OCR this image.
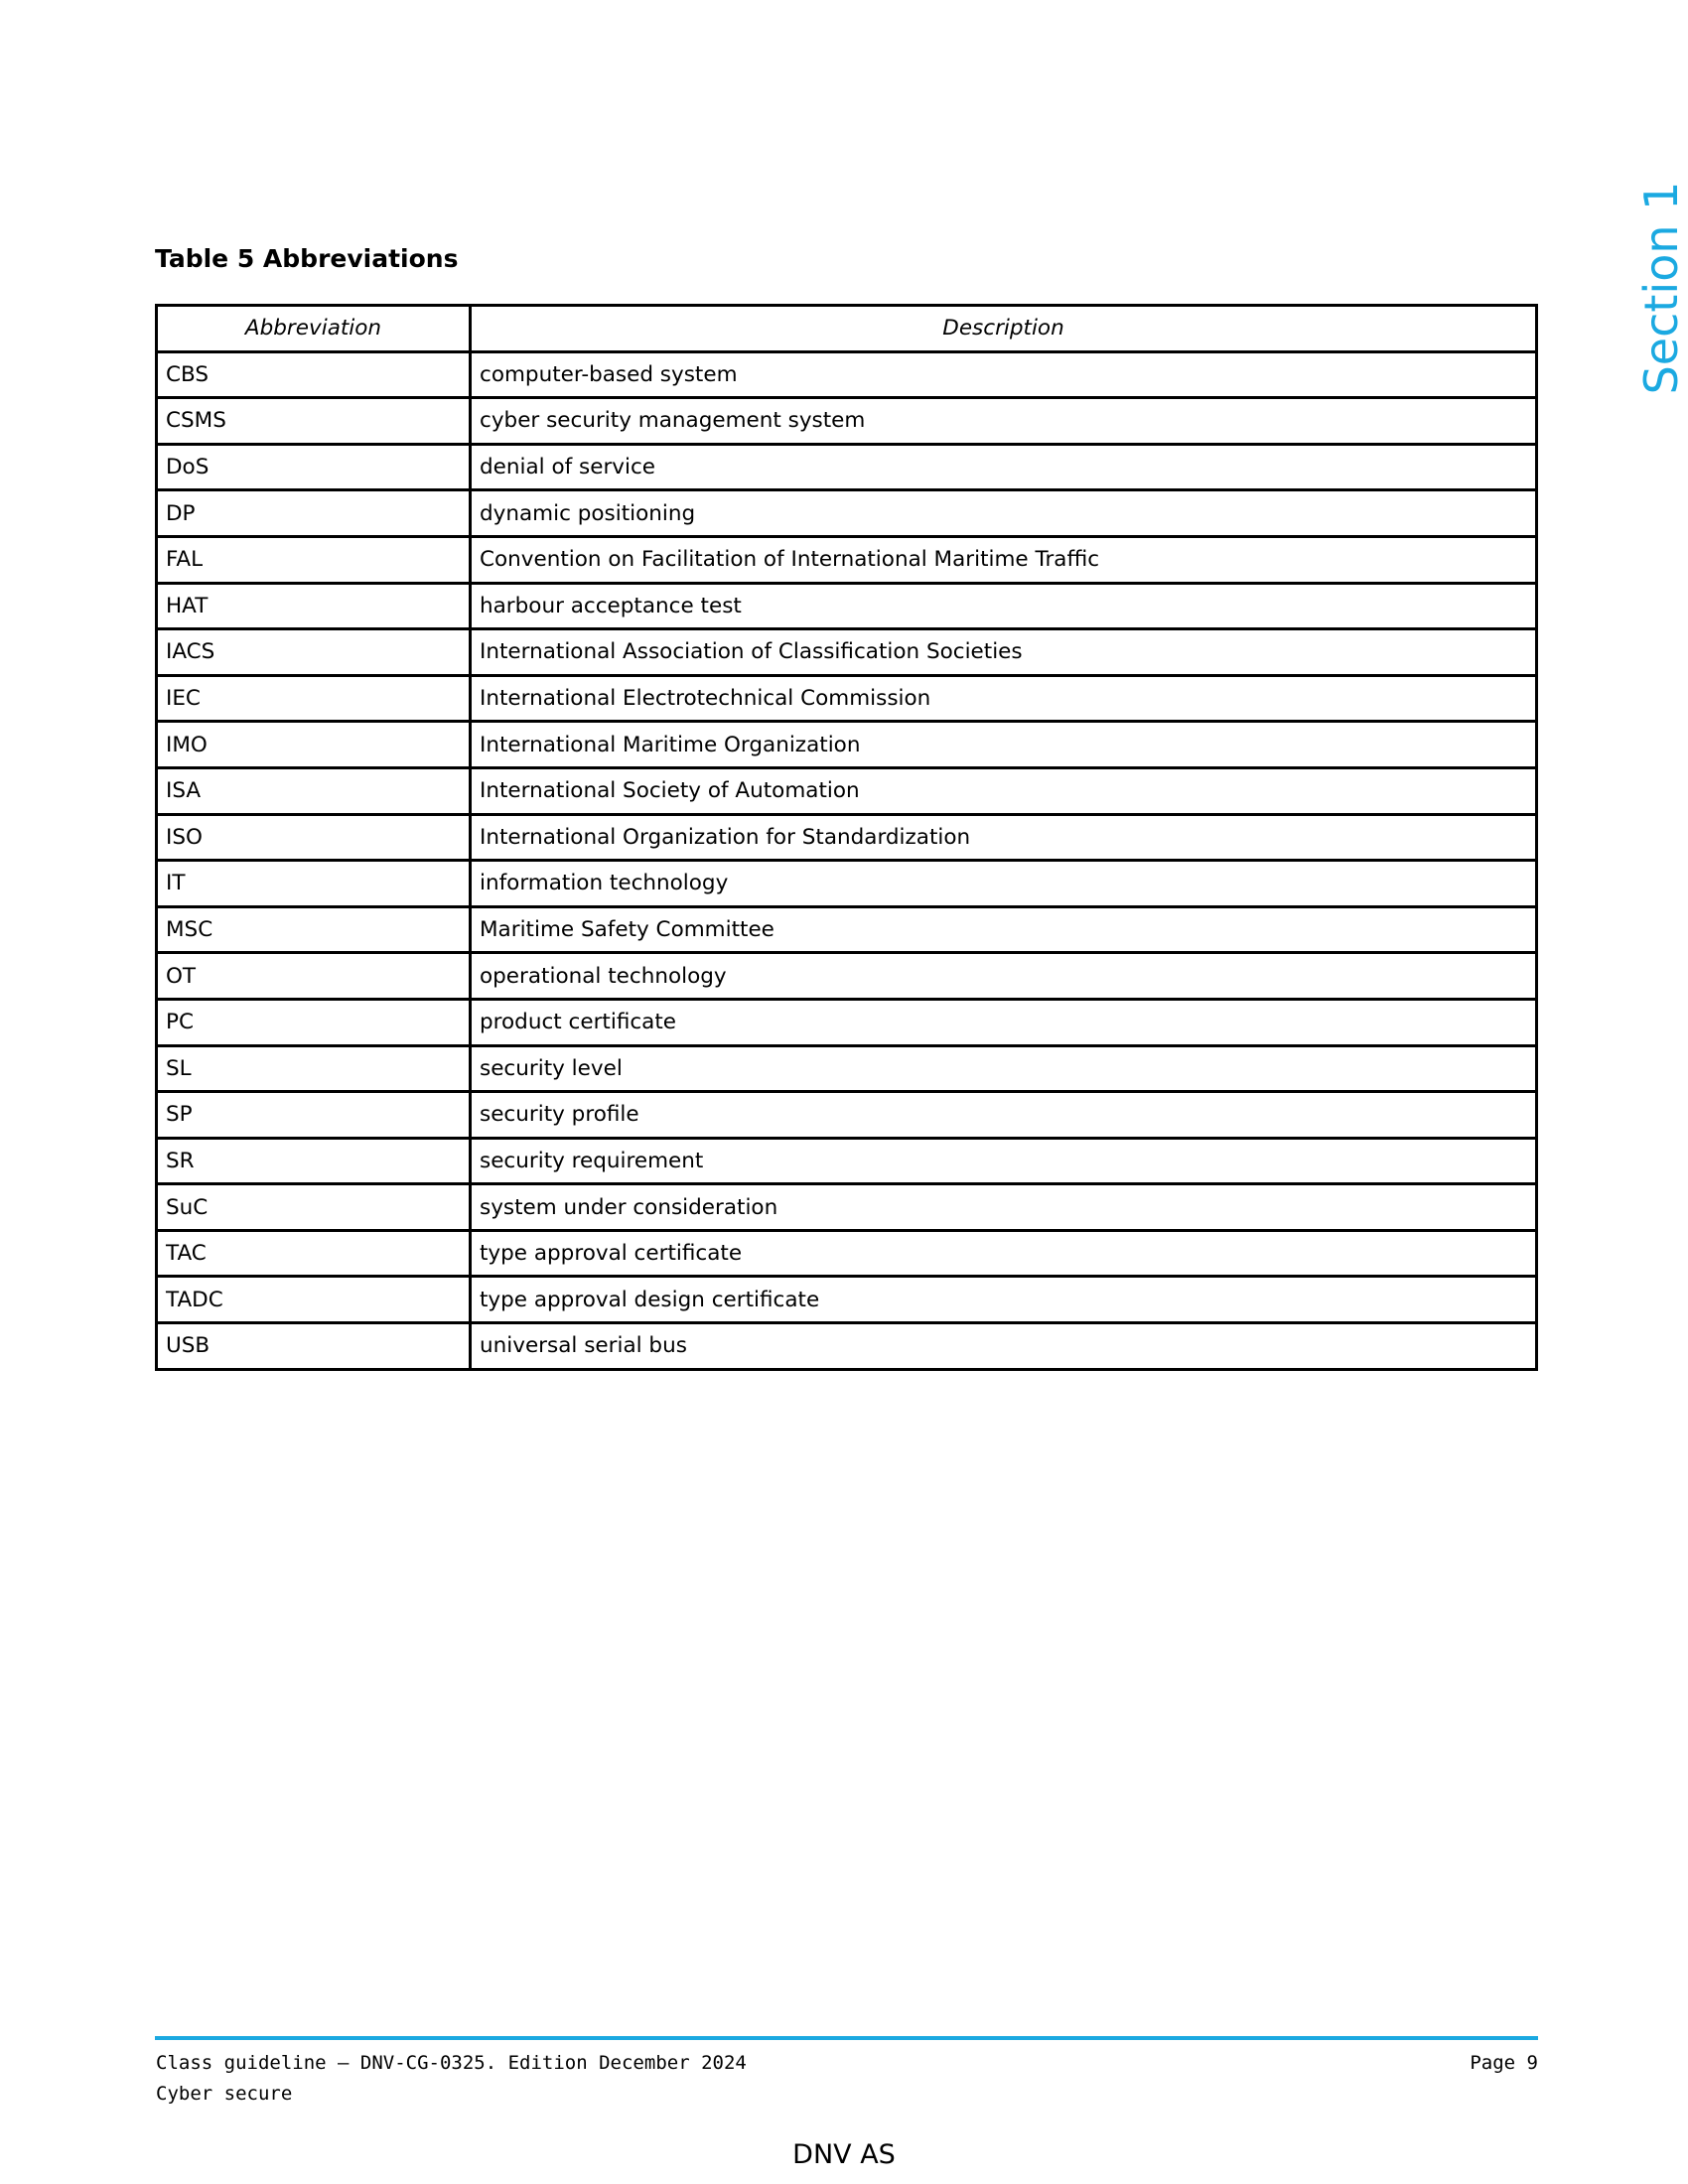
Table 5 Abbreviations
Abbreviation	Description
CBS	computer-based system
CSMS	cyber security management system
DoS	denial of service
DP	dynamic positioning
FAL	Convention on Facilitation of International Maritime Traffic
HAT	harbour acceptance test
IACS	International Association of Classification Societies
IEC	International Electrotechnical Commission
IMO	International Maritime Organization
ISA	International Society of Automation
ISO	International Organization for Standardization
IT	information technology
MSC	Maritime Safety Committee
OT	operational technology
PC	product certificate
SL	security level
SP	security profile
SR	security requirement
SuC	system under consideration
TAC	type approval certificate
TADC	type approval design certificate
USB	universal serial bus
Section 1
Class guideline — DNV-CG-0325. Edition December 2024
Cyber secure
Page 9
DNV AS
